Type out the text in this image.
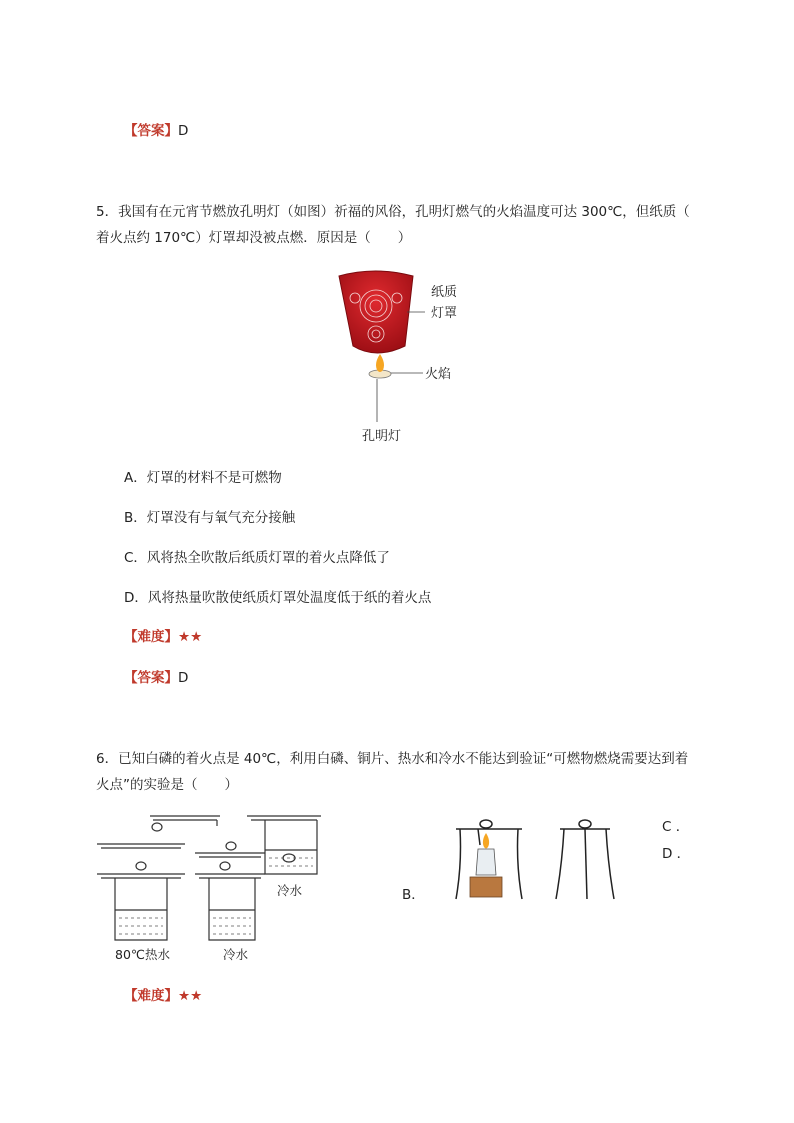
【答案】D
5．我国有在元宵节燃放孔明灯（如图）祈福的风俗，孔明灯燃气的火焰温度可达 300℃，但纸质（
着火点约 170℃）灯罩却没被点燃．原因是（　　）
纸质
灯罩
火焰
孔明灯
A．灯罩的材料不是可燃物
B．灯罩没有与氧气充分接触
C．风将热全吹散后纸质灯罩的着火点降低了
D．风将热量吹散使纸质灯罩处温度低于纸的着火点
【难度】★★
【答案】D
6．已知白磷的着火点是 40℃，利用白磷、铜片、热水和冷水不能达到验证“可燃物燃烧需要达到着
火点”的实验是（　　）
80℃热水	冷水
冷水	B．
C ．
D ．
【难度】★★
